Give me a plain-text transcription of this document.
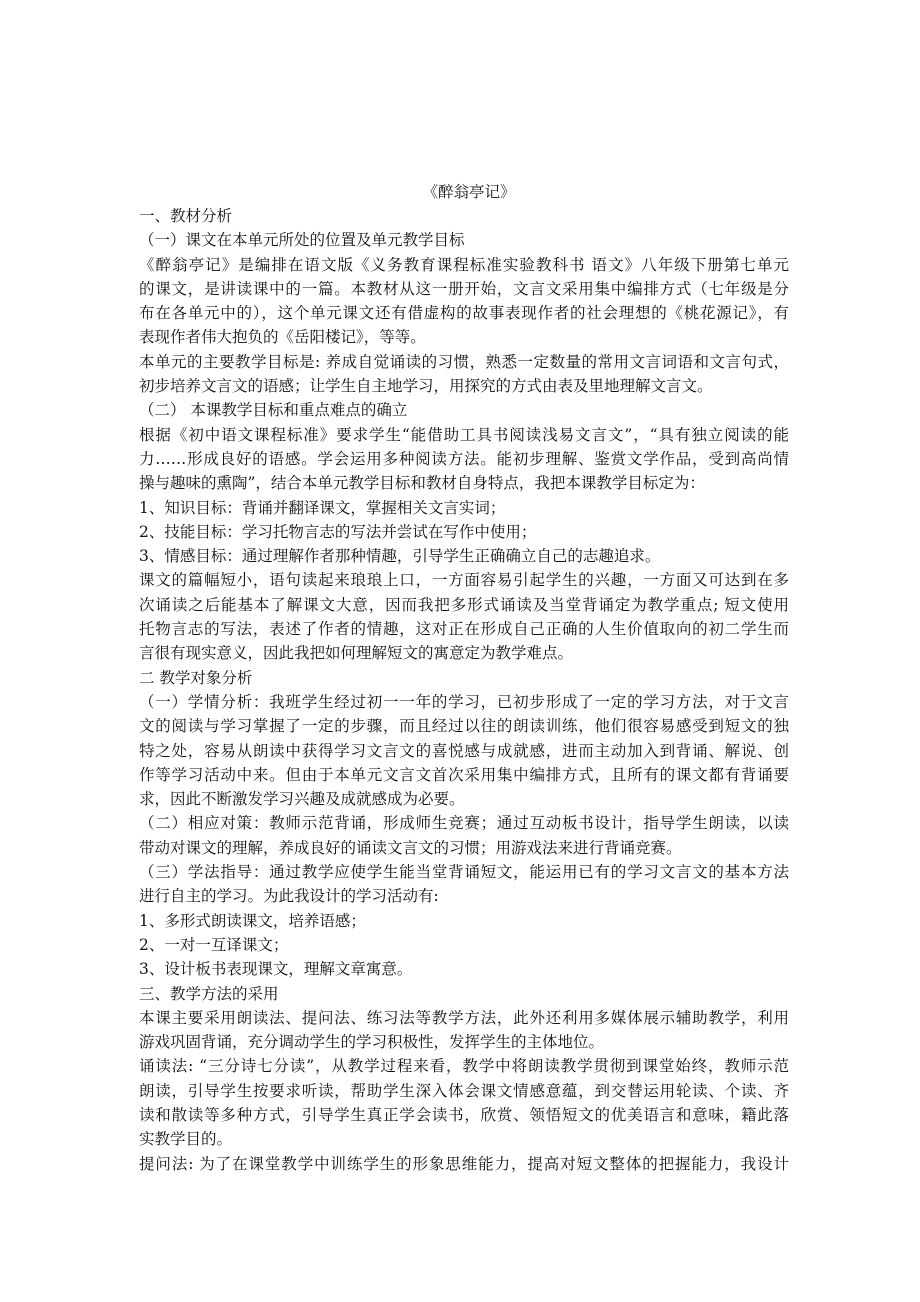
《醉翁亭记》
一、教材分析
（一）课文在本单元所处的位置及单元教学目标
《醉翁亭记》是编排在语文版《义务教育课程标准实验教科书 语文》八年级下册第七单元
的课文，是讲读课中的一篇。本教材从这一册开始，文言文采用集中编排方式（七年级是分
布在各单元中的），这个单元课文还有借虚构的故事表现作者的社会理想的《桃花源记》，有
表现作者伟大抱负的《岳阳楼记》，等等。
本单元的主要教学目标是: 养成自觉诵读的习惯，熟悉一定数量的常用文言词语和文言句式，
初步培养文言文的语感；让学生自主地学习，用探究的方式由表及里地理解文言文。
（二） 本课教学目标和重点难点的确立
根据《初中语文课程标准》要求学生“能借助工具书阅读浅易文言文”，“具有独立阅读的能
力……形成良好的语感。学会运用多种阅读方法。能初步理解、鉴赏文学作品，受到高尚情
操与趣味的熏陶”，结合本单元教学目标和教材自身特点，我把本课教学目标定为：
1、知识目标：背诵并翻译课文，掌握相关文言实词；
2、技能目标：学习托物言志的写法并尝试在写作中使用；
3、情感目标：通过理解作者那种情趣，引导学生正确确立自己的志趣追求。
课文的篇幅短小，语句读起来琅琅上口，一方面容易引起学生的兴趣，一方面又可达到在多
次诵读之后能基本了解课文大意，因而我把多形式诵读及当堂背诵定为教学重点; 短文使用
托物言志的写法，表述了作者的情趣，这对正在形成自己正确的人生价值取向的初二学生而
言很有现实意义，因此我把如何理解短文的寓意定为教学难点。
二 教学对象分析
（一）学情分析：我班学生经过初一一年的学习，已初步形成了一定的学习方法，对于文言
文的阅读与学习掌握了一定的步骤，而且经过以往的朗读训练，他们很容易感受到短文的独
特之处，容易从朗读中获得学习文言文的喜悦感与成就感，进而主动加入到背诵、解说、创
作等学习活动中来。但由于本单元文言文首次采用集中编排方式，且所有的课文都有背诵要
求，因此不断激发学习兴趣及成就感成为必要。
（二）相应对策：教师示范背诵，形成师生竞赛；通过互动板书设计，指导学生朗读，以读
带动对课文的理解，养成良好的诵读文言文的习惯；用游戏法来进行背诵竞赛。
（三）学法指导：通过教学应使学生能当堂背诵短文，能运用已有的学习文言文的基本方法
进行自主的学习。为此我设计的学习活动有:
1、多形式朗读课文，培养语感；
2、一对一互译课文；
3、设计板书表现课文，理解文章寓意。
三、教学方法的采用
本课主要采用朗读法、提问法、练习法等教学方法，此外还利用多媒体展示辅助教学，利用
游戏巩固背诵，充分调动学生的学习积极性，发挥学生的主体地位。
诵读法: “三分诗七分读”，从教学过程来看，教学中将朗读教学贯彻到课堂始终，教师示范
朗读，引导学生按要求听读，帮助学生深入体会课文情感意蕴，到交替运用轮读、个读、齐
读和散读等多种方式，引导学生真正学会读书，欣赏、领悟短文的优美语言和意味，籍此落
实教学目的。
提问法: 为了在课堂教学中训练学生的形象思维能力，提高对短文整体的把握能力，我设计
